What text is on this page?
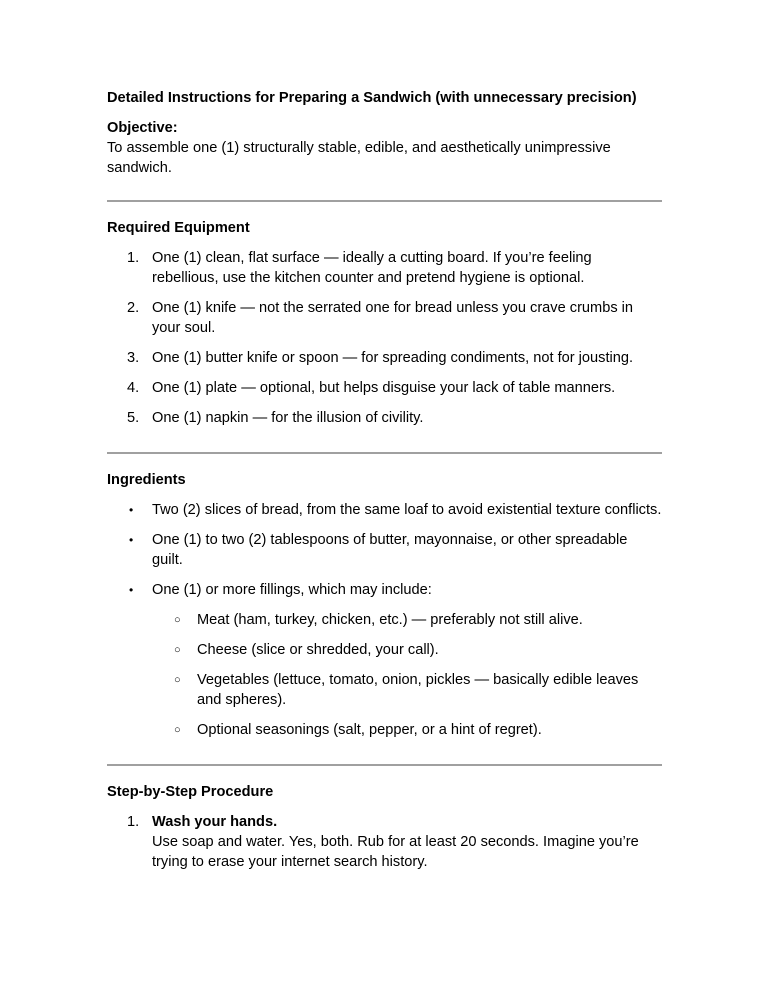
Detailed Instructions for Preparing a Sandwich (with unnecessary precision)

Objective:

To assemble one (1) structurally stable, edible, and aesthetically unimpressive sandwich.

Required Equipment

1. One (1) clean, flat surface — ideally a cutting board. If you’re feeling rebellious, use the kitchen counter and pretend hygiene is optional.
2. One (1) knife — not the serrated one for bread unless you crave crumbs in your soul.
3. One (1) butter knife or spoon — for spreading condiments, not for jousting.
4. One (1) plate — optional, but helps disguise your lack of table manners.
5. One (1) napkin — for the illusion of civility.

Ingredients

• Two (2) slices of bread, from the same loaf to avoid existential texture conflicts.
• One (1) to two (2) tablespoons of butter, mayonnaise, or other spreadable guilt.
• One (1) or more fillings, which may include:
○ Meat (ham, turkey, chicken, etc.) — preferably not still alive.
○ Cheese (slice or shredded, your call).
○ Vegetables (lettuce, tomato, onion, pickles — basically edible leaves and spheres).
○ Optional seasonings (salt, pepper, or a hint of regret).

Step-by-Step Procedure

1. Wash your hands.
Use soap and water. Yes, both. Rub for at least 20 seconds. Imagine you’re trying to erase your internet search history.
